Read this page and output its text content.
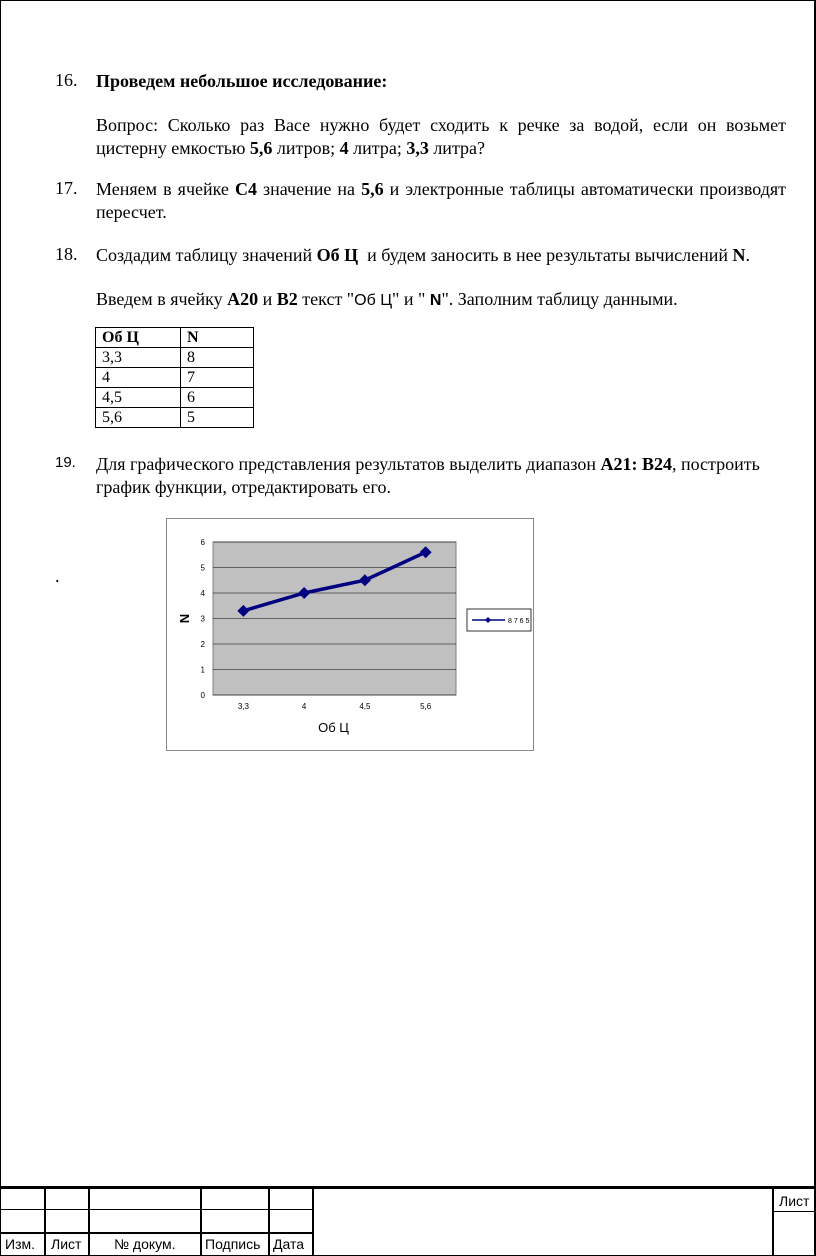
16. Проведем небольшое исследование:
Вопрос: Сколько раз Васе нужно будет сходить к речке за водой, если он возьмет цистерну емкостью 5,6 литров; 4 литра; 3,3 литра?
17. Меняем в ячейке С4 значение на 5,6 и электронные таблицы автоматически производят пересчет.
18. Создадим таблицу значений Об Ц  и будем заносить в нее результаты вычислений N.
Введем в ячейку А20 и В2 текст "Об Ц" и " N". Заполним таблицу данными.
Об Ц	N
3,3	8
4	7
4,5	6
5,6	5
19. Для графического представления результатов выделить диапазон А21: В24, построить график функции, отредактировать его.
.
0
1
2
3
4
5
6
3,3	4	4,5	5,6
Об Ц
N	8 7 6 5
Изм. Лист № докум. Подпись Дата
Лист
